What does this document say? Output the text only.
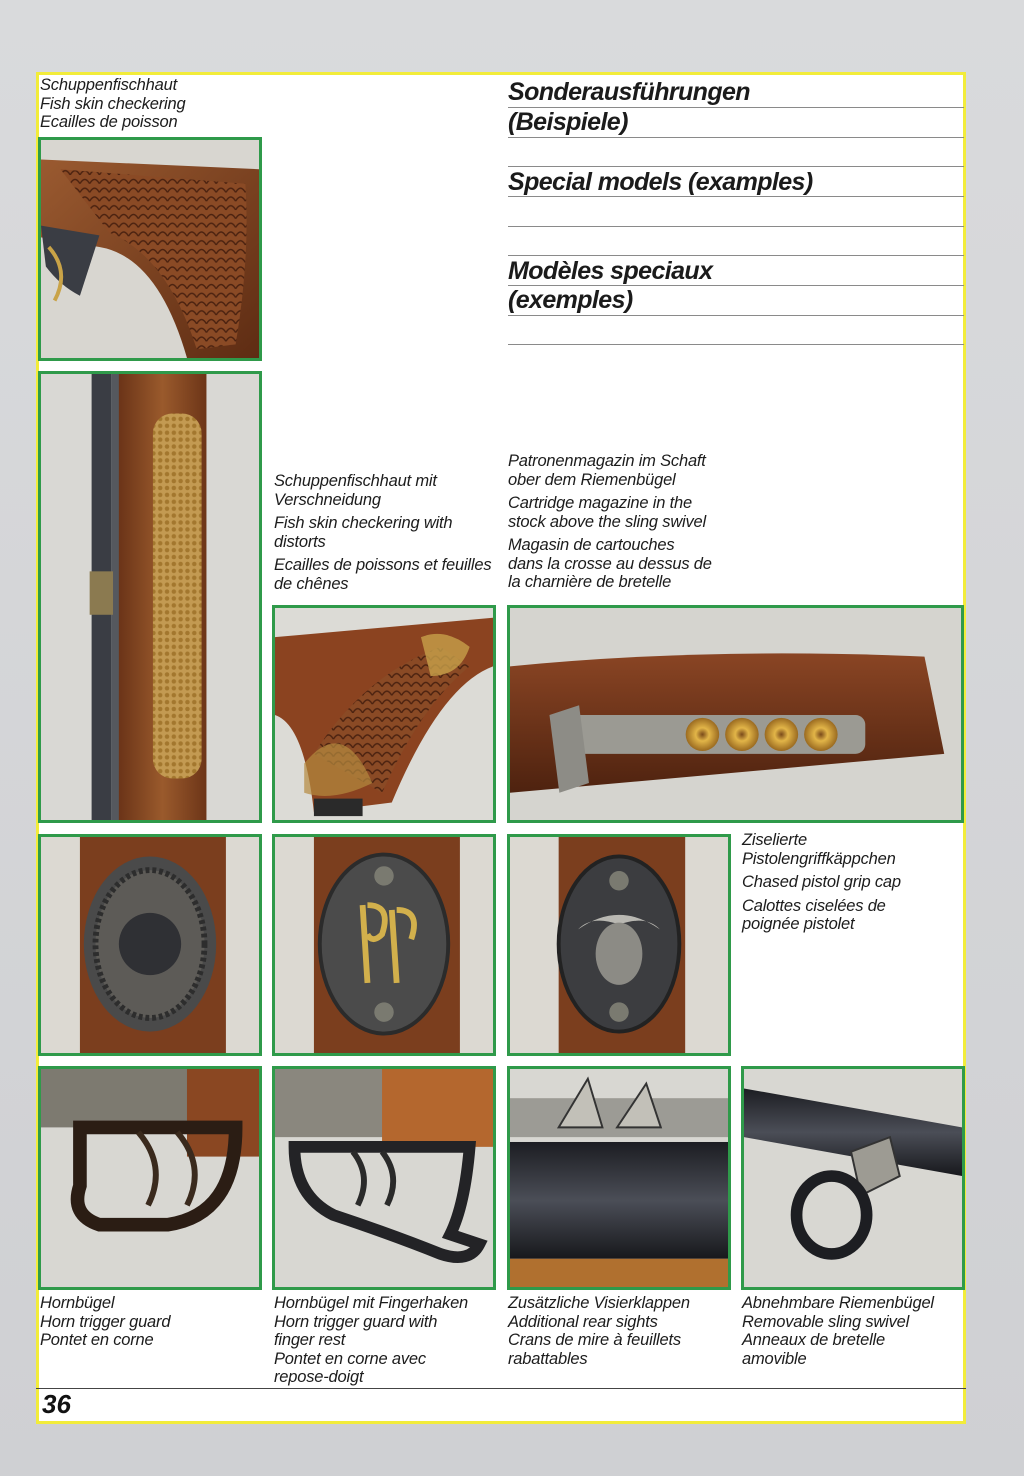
Schuppenfischhaut
Fish skin checkering
Ecailles de poisson
Sonderausführungen
(Beispiele)
Special models (examples)
Modèles speciaux
(exemples)
Schuppenfischhaut mit
Verschneidung
Fish skin checkering with
distorts
Ecailles de poissons et feuilles
de chênes
Patronenmagazin im Schaft
ober dem Riemenbügel
Cartridge magazine in the
stock above the sling swivel
Magasin de cartouches
dans la crosse au dessus de
la charnière de bretelle
Ziselierte
Pistolengriffkäppchen
Chased pistol grip cap
Calottes ciselées de
poignée pistolet
Hornbügel
Horn trigger guard
Pontet en corne
Hornbügel mit Fingerhaken
Horn trigger guard with
finger rest
Pontet en corne avec
repose-doigt
Zusätzliche Visierklappen
Additional rear sights
Crans de mire à feuillets
rabattables
Abnehmbare Riemenbügel
Removable sling swivel
Anneaux de bretelle
amovible
36
